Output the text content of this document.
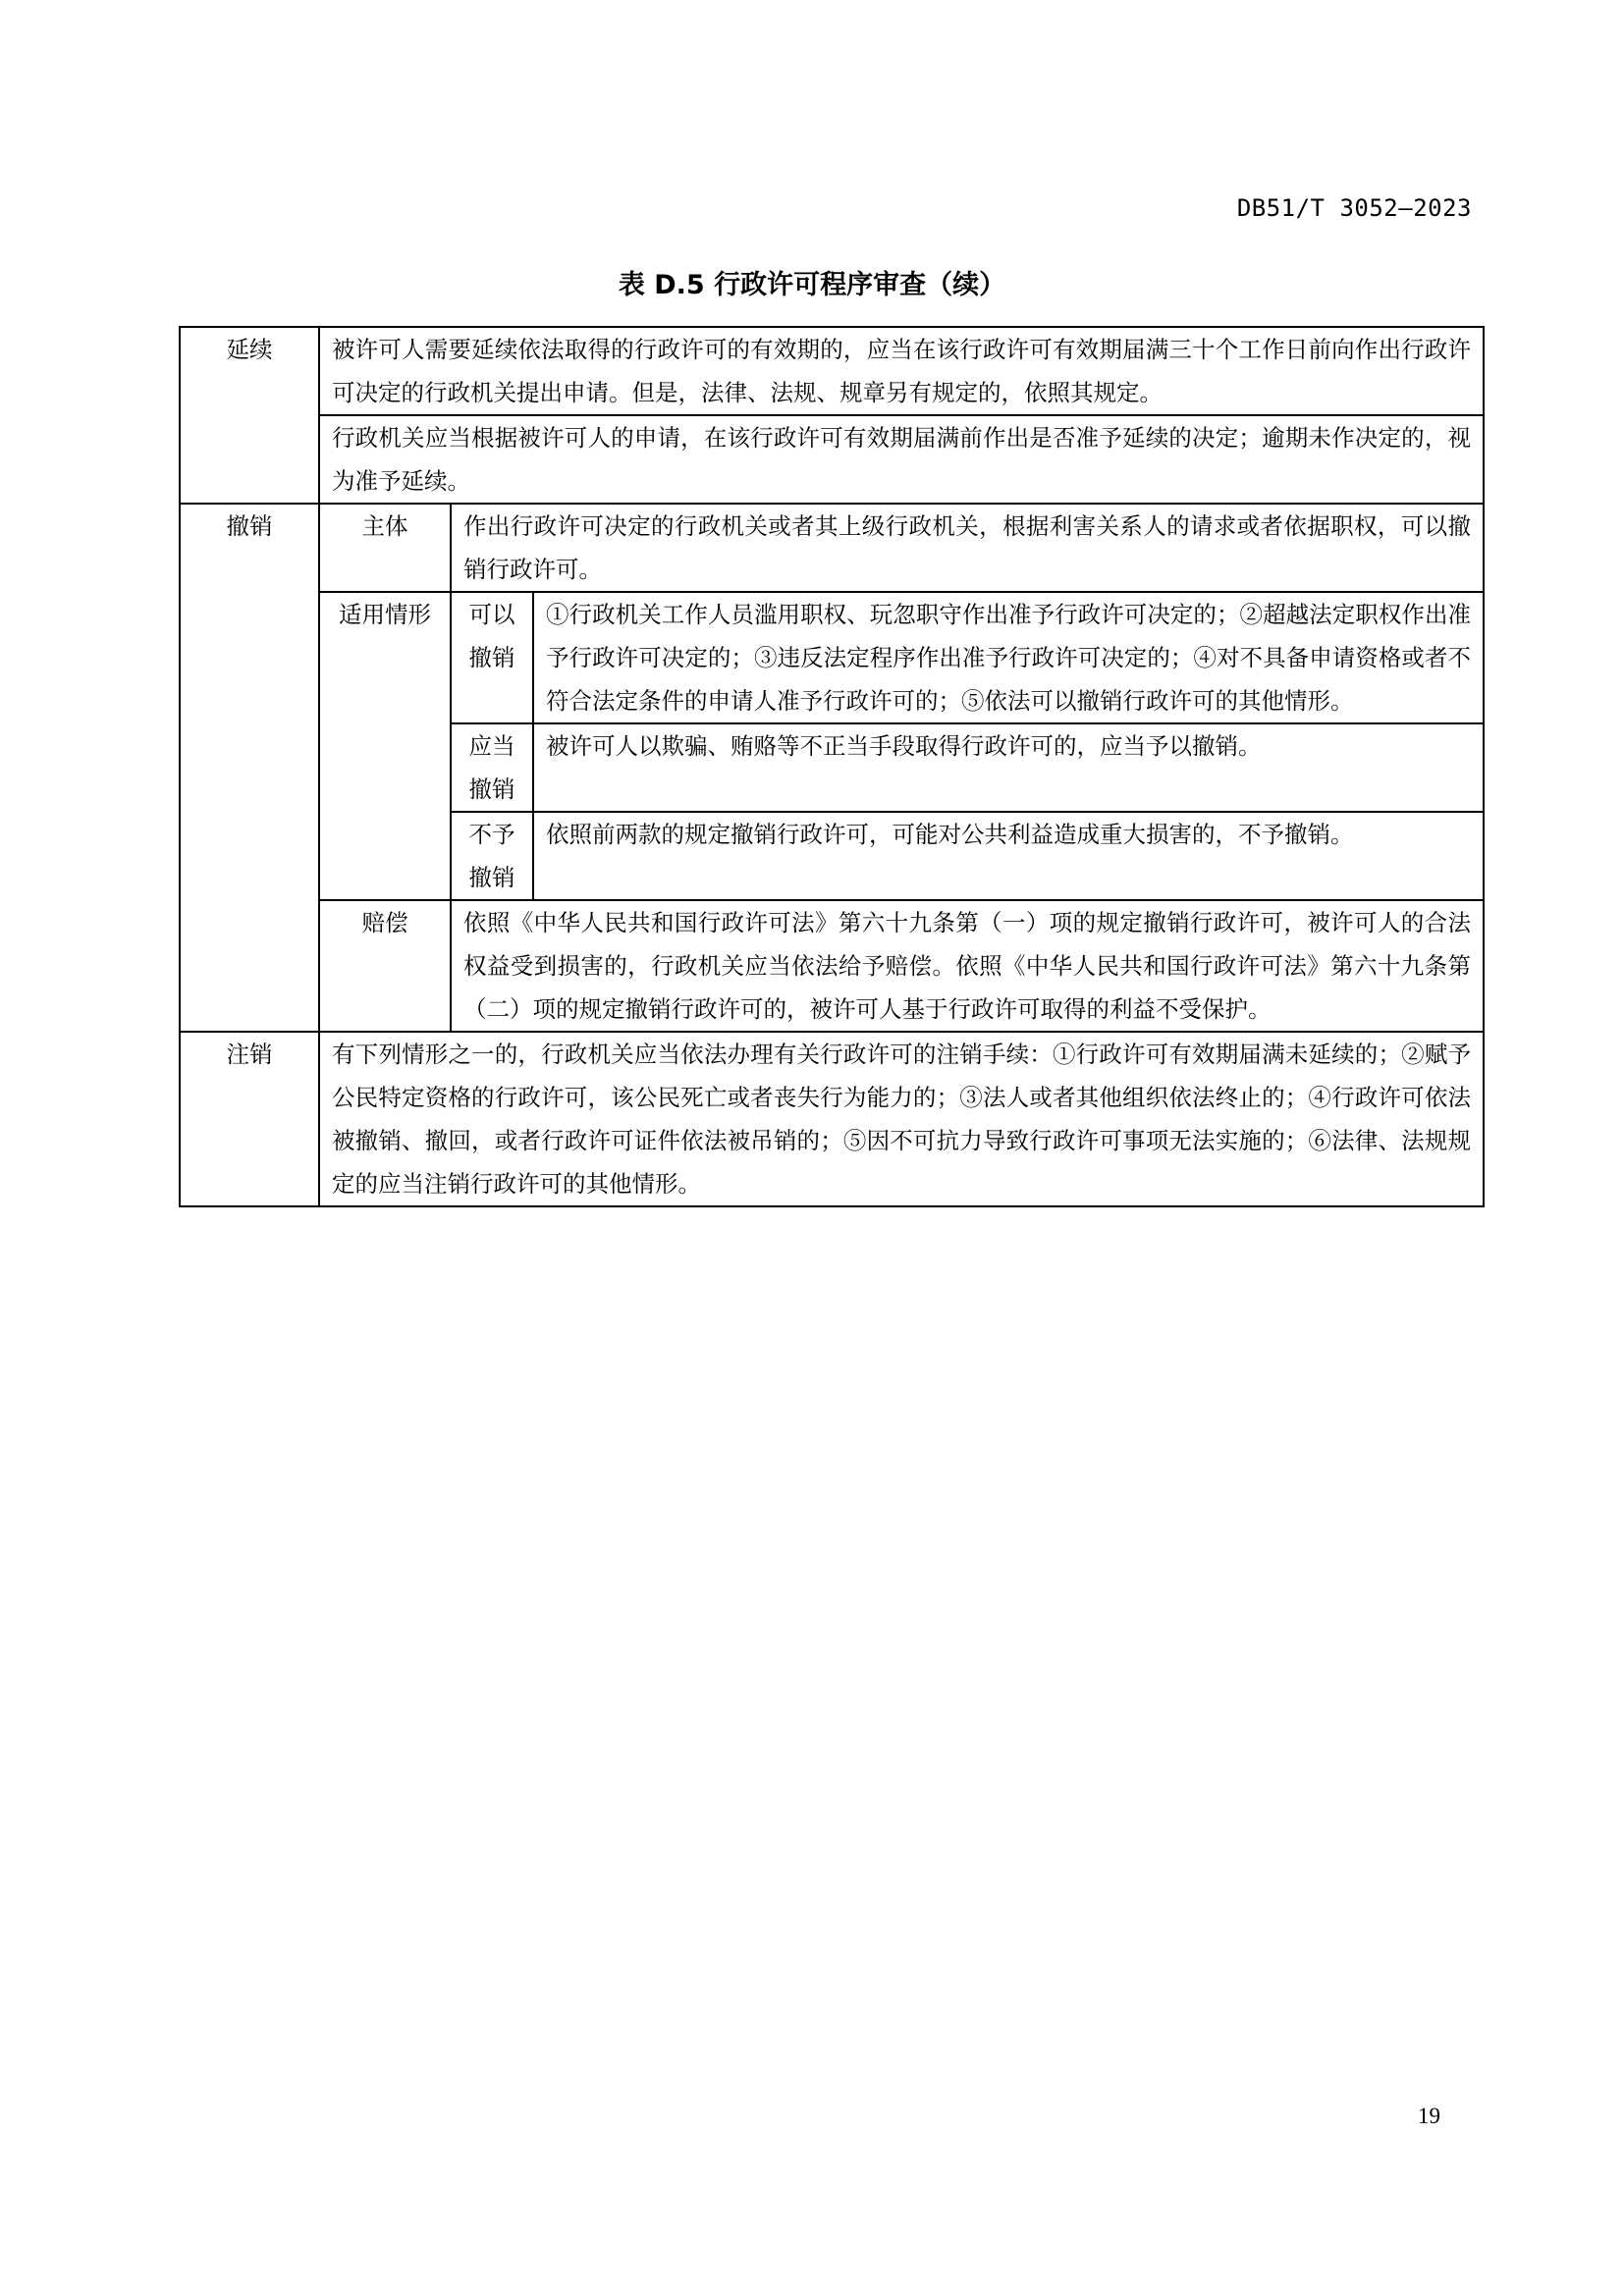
DB51/T 3052—2023
表 D.5 行政许可程序审查（续）
延续	被许可人需要延续依法取得的行政许可的有效期的，应当在该行政许可有效期届满三十个工作日前向作出行政许可决定的行政机关提出申请。但是，法律、法规、规章另有规定的，依照其规定。		
	行政机关应当根据被许可人的申请，在该行政许可有效期届满前作出是否准予延续的决定；逾期未作决定的，视为准予延续。		
撤销	主体	作出行政许可决定的行政机关或者其上级行政机关，根据利害关系人的请求或者依据职权，可以撤销行政许可。	
	适用情形	可以撤销	①行政机关工作人员滥用职权、玩忽职守作出准予行政许可决定的；②超越法定职权作出准予行政许可决定的；③违反法定程序作出准予行政许可决定的；④对不具备申请资格或者不符合法定条件的申请人准予行政许可的；⑤依法可以撤销行政许可的其他情形。
		应当撤销	被许可人以欺骗、贿赂等不正当手段取得行政许可的，应当予以撤销。
		不予撤销	依照前两款的规定撤销行政许可，可能对公共利益造成重大损害的，不予撤销。
	赔偿	依照《中华人民共和国行政许可法》第六十九条第（一）项的规定撤销行政许可，被许可人的合法权益受到损害的，行政机关应当依法给予赔偿。依照《中华人民共和国行政许可法》第六十九条第（二）项的规定撤销行政许可的，被许可人基于行政许可取得的利益不受保护。	
注销	有下列情形之一的，行政机关应当依法办理有关行政许可的注销手续：①行政许可有效期届满未延续的；②赋予公民特定资格的行政许可，该公民死亡或者丧失行为能力的；③法人或者其他组织依法终止的；④行政许可依法被撤销、撤回，或者行政许可证件依法被吊销的；⑤因不可抗力导致行政许可事项无法实施的；⑥法律、法规规定的应当注销行政许可的其他情形。		
19
